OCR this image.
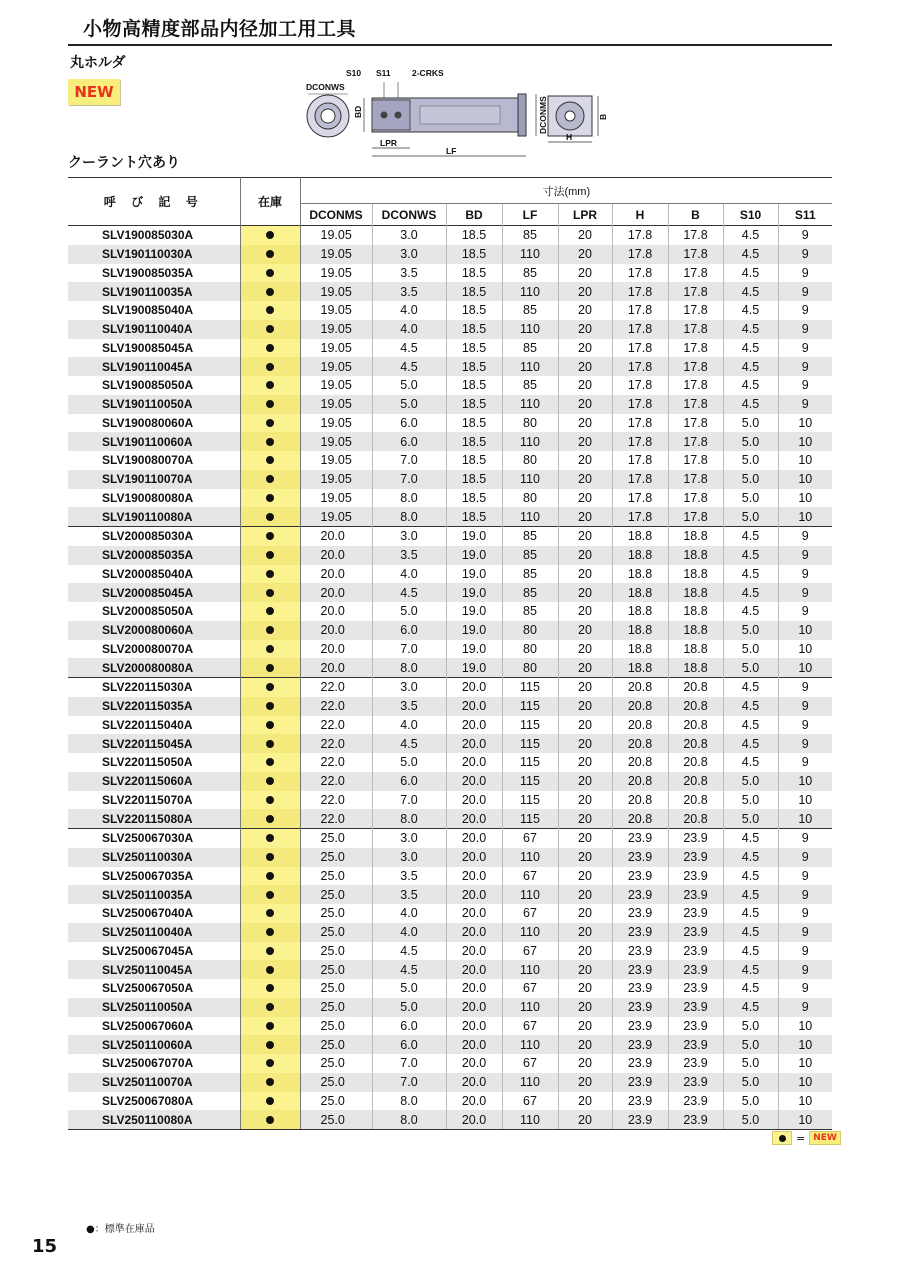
小物高精度部品内径加工用工具
丸ホルダ
NEW
S10 S11	2-CRKS
DCONWS
BD
LPR
LF
DCONMS	B
H
クーラント穴あり
呼 び 記 号	在庫	寸法(mm)								
		DCONMS	DCONWS	BD	LF	LPR	H	B	S10	S11
SLV190085030A		19.05	3.0	18.5	85	20	17.8	17.8	4.5	9
SLV190110030A		19.05	3.0	18.5	110	20	17.8	17.8	4.5	9
SLV190085035A		19.05	3.5	18.5	85	20	17.8	17.8	4.5	9
SLV190110035A		19.05	3.5	18.5	110	20	17.8	17.8	4.5	9
SLV190085040A		19.05	4.0	18.5	85	20	17.8	17.8	4.5	9
SLV190110040A		19.05	4.0	18.5	110	20	17.8	17.8	4.5	9
SLV190085045A		19.05	4.5	18.5	85	20	17.8	17.8	4.5	9
SLV190110045A		19.05	4.5	18.5	110	20	17.8	17.8	4.5	9
SLV190085050A		19.05	5.0	18.5	85	20	17.8	17.8	4.5	9
SLV190110050A		19.05	5.0	18.5	110	20	17.8	17.8	4.5	9
SLV190080060A		19.05	6.0	18.5	80	20	17.8	17.8	5.0	10
SLV190110060A		19.05	6.0	18.5	110	20	17.8	17.8	5.0	10
SLV190080070A		19.05	7.0	18.5	80	20	17.8	17.8	5.0	10
SLV190110070A		19.05	7.0	18.5	110	20	17.8	17.8	5.0	10
SLV190080080A		19.05	8.0	18.5	80	20	17.8	17.8	5.0	10
SLV190110080A		19.05	8.0	18.5	110	20	17.8	17.8	5.0	10
SLV200085030A		20.0	3.0	19.0	85	20	18.8	18.8	4.5	9
SLV200085035A		20.0	3.5	19.0	85	20	18.8	18.8	4.5	9
SLV200085040A		20.0	4.0	19.0	85	20	18.8	18.8	4.5	9
SLV200085045A		20.0	4.5	19.0	85	20	18.8	18.8	4.5	9
SLV200085050A		20.0	5.0	19.0	85	20	18.8	18.8	4.5	9
SLV200080060A		20.0	6.0	19.0	80	20	18.8	18.8	5.0	10
SLV200080070A		20.0	7.0	19.0	80	20	18.8	18.8	5.0	10
SLV200080080A		20.0	8.0	19.0	80	20	18.8	18.8	5.0	10
SLV220115030A		22.0	3.0	20.0	115	20	20.8	20.8	4.5	9
SLV220115035A		22.0	3.5	20.0	115	20	20.8	20.8	4.5	9
SLV220115040A		22.0	4.0	20.0	115	20	20.8	20.8	4.5	9
SLV220115045A		22.0	4.5	20.0	115	20	20.8	20.8	4.5	9
SLV220115050A		22.0	5.0	20.0	115	20	20.8	20.8	4.5	9
SLV220115060A		22.0	6.0	20.0	115	20	20.8	20.8	5.0	10
SLV220115070A		22.0	7.0	20.0	115	20	20.8	20.8	5.0	10
SLV220115080A		22.0	8.0	20.0	115	20	20.8	20.8	5.0	10
SLV250067030A		25.0	3.0	20.0	67	20	23.9	23.9	4.5	9
SLV250110030A		25.0	3.0	20.0	110	20	23.9	23.9	4.5	9
SLV250067035A		25.0	3.5	20.0	67	20	23.9	23.9	4.5	9
SLV250110035A		25.0	3.5	20.0	110	20	23.9	23.9	4.5	9
SLV250067040A		25.0	4.0	20.0	67	20	23.9	23.9	4.5	9
SLV250110040A		25.0	4.0	20.0	110	20	23.9	23.9	4.5	9
SLV250067045A		25.0	4.5	20.0	67	20	23.9	23.9	4.5	9
SLV250110045A		25.0	4.5	20.0	110	20	23.9	23.9	4.5	9
SLV250067050A		25.0	5.0	20.0	67	20	23.9	23.9	4.5	9
SLV250110050A		25.0	5.0	20.0	110	20	23.9	23.9	4.5	9
SLV250067060A		25.0	6.0	20.0	67	20	23.9	23.9	5.0	10
SLV250110060A		25.0	6.0	20.0	110	20	23.9	23.9	5.0	10
SLV250067070A		25.0	7.0	20.0	67	20	23.9	23.9	5.0	10
SLV250110070A		25.0	7.0	20.0	110	20	23.9	23.9	5.0	10
SLV250067080A		25.0	8.0	20.0	67	20	23.9	23.9	5.0	10
SLV250110080A		25.0	8.0	20.0	110	20	23.9	23.9	5.0	10
= NEW
●：標準在庫品
15
